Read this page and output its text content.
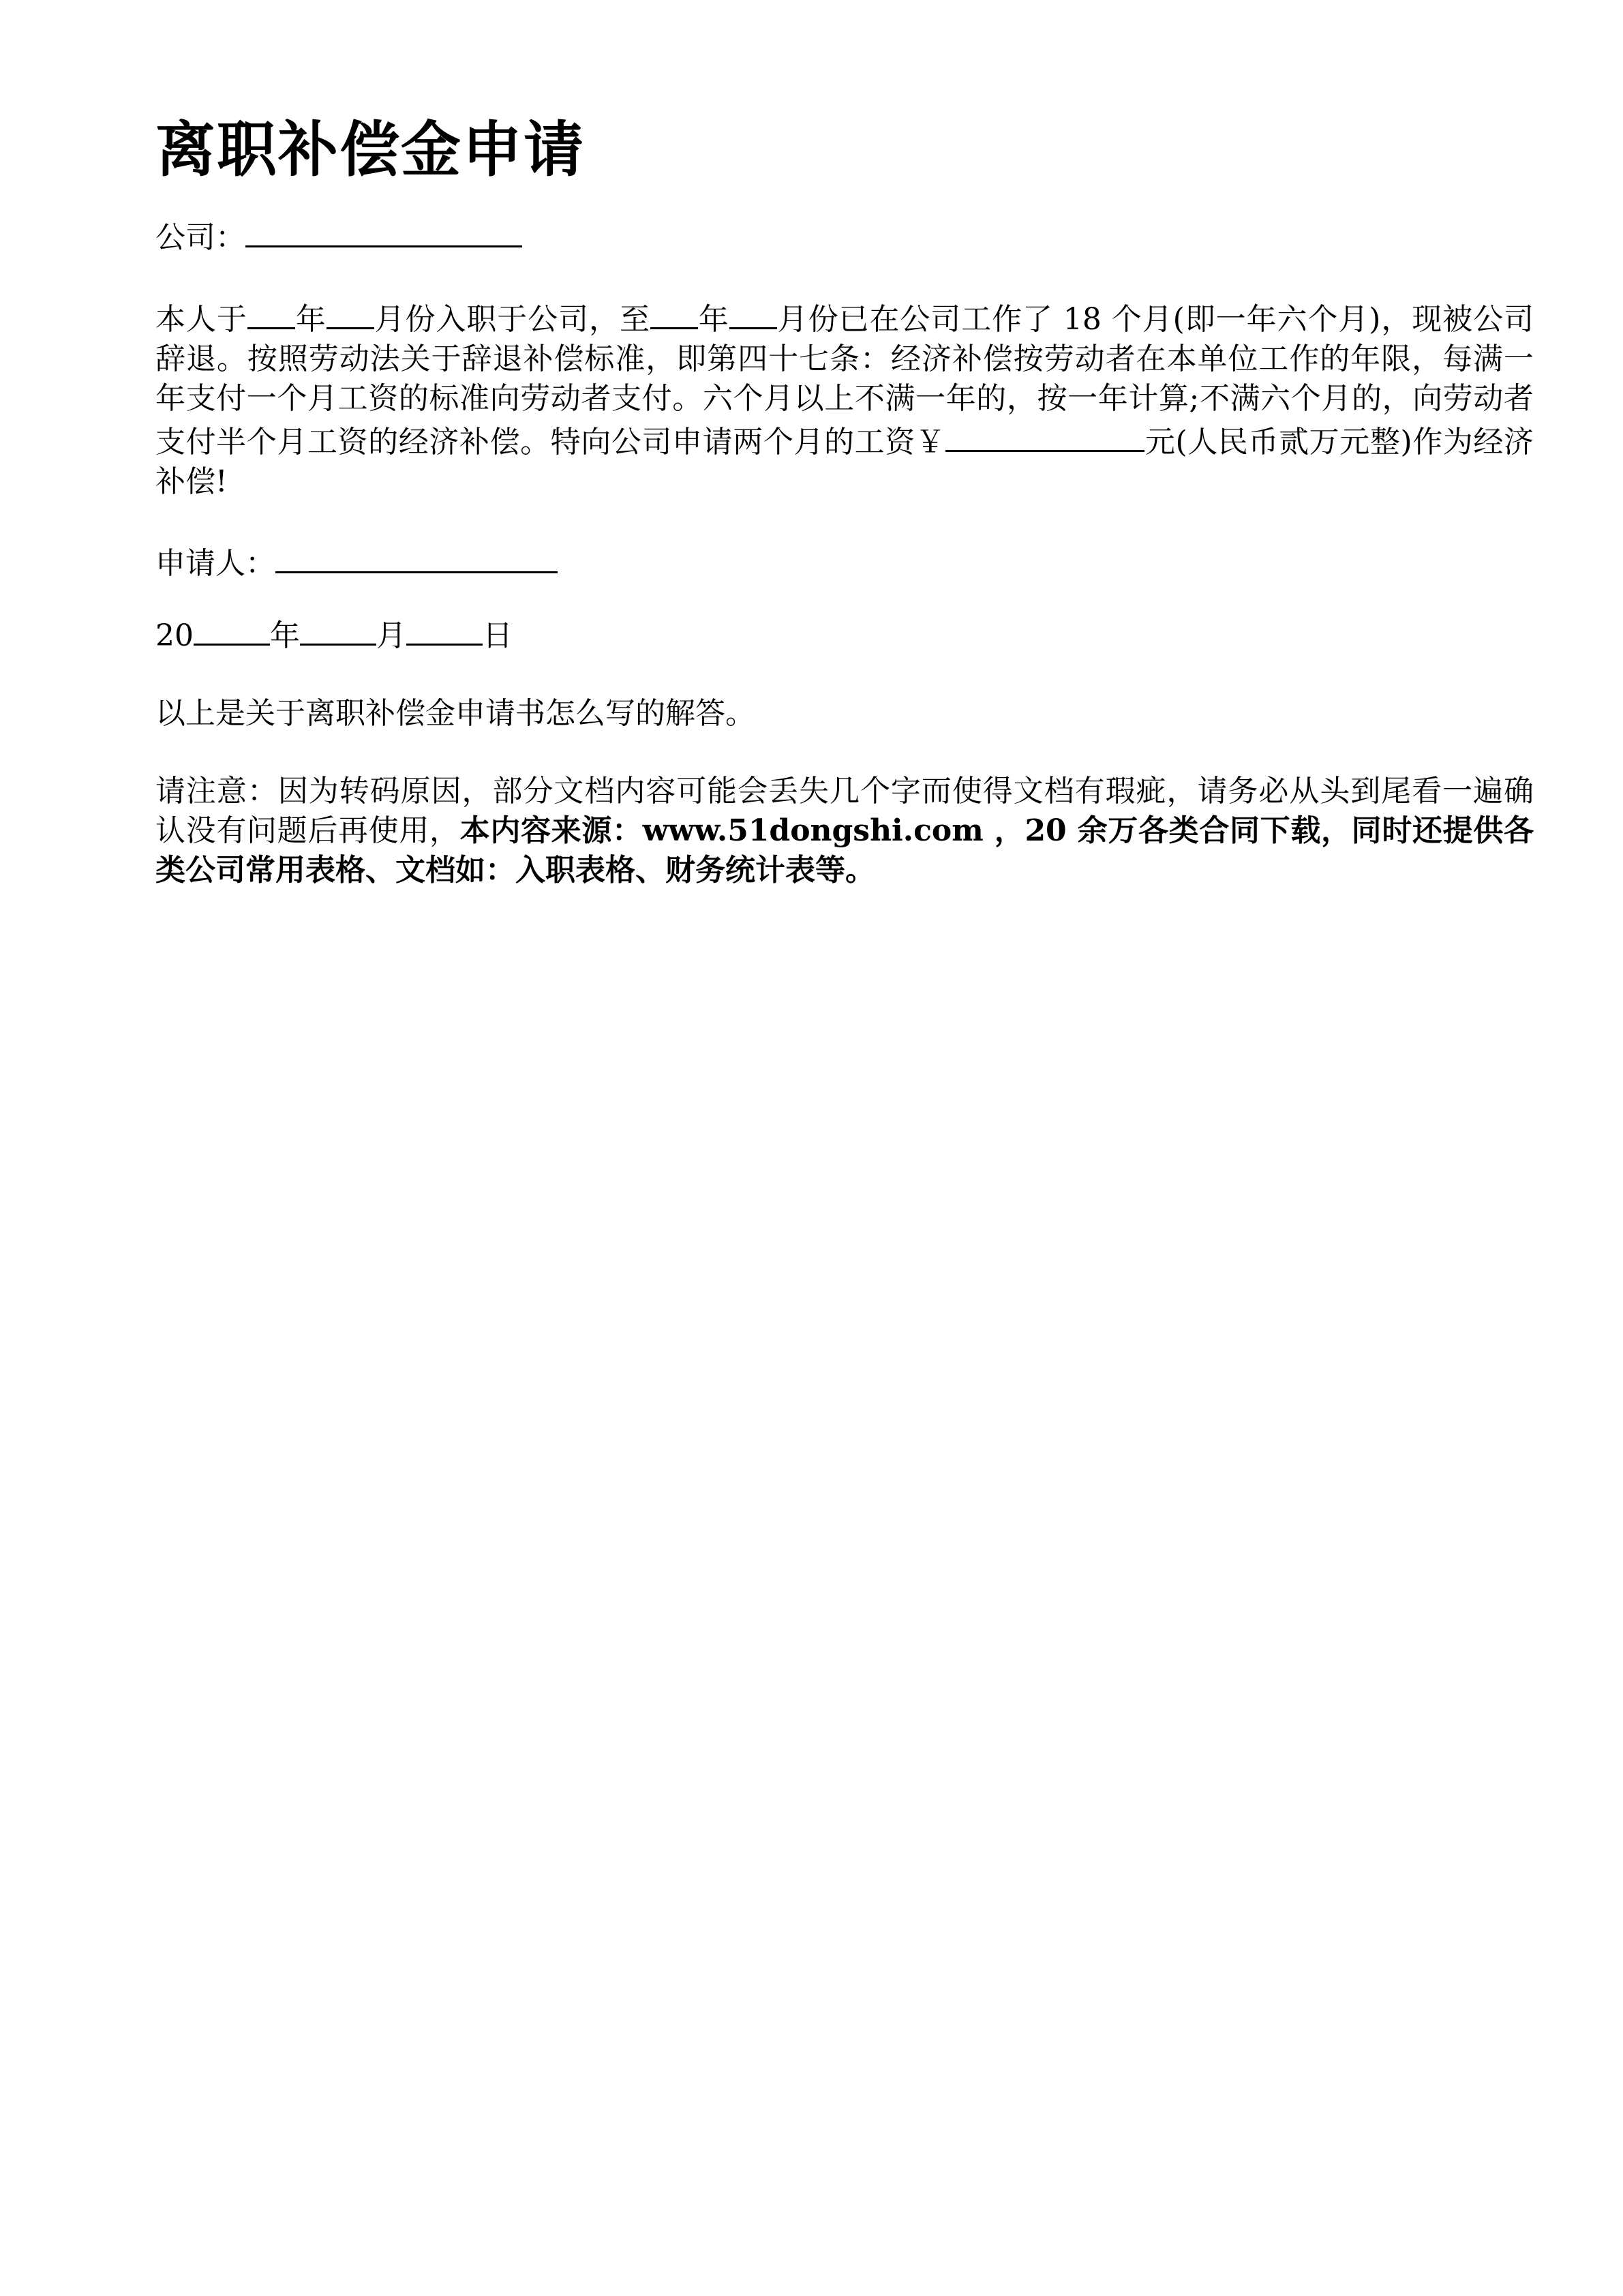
离职补偿金申请

公司：

本人于 年 月份入职于公司，至 年 月份已在公司工作了 18 个月(即一年六个月)，现被公司辞退。按照劳动法关于辞退补偿标准，即第四十七条：经济补偿按劳动者在本单位工作的年限，每满一年支付一个月工资的标准向劳动者支付。六个月以上不满一年的，按一年计算;不满六个月的，向劳动者支付半个月工资的经济补偿。特向公司申请两个月的工资￥	元(人民币贰万元整)作为经济补偿!

申请人：

20	年	月	日

以上是关于离职补偿金申请书怎么写的解答。

请注意：因为转码原因，部分文档内容可能会丢失几个字而使得文档有瑕疵，请务必从头到尾看一遍确认没有问题后再使用，本内容来源：www.51dongshi.com ，20 余万各类合同下载，同时还提供各类公司常用表格、文档如：入职表格、财务统计表等。
